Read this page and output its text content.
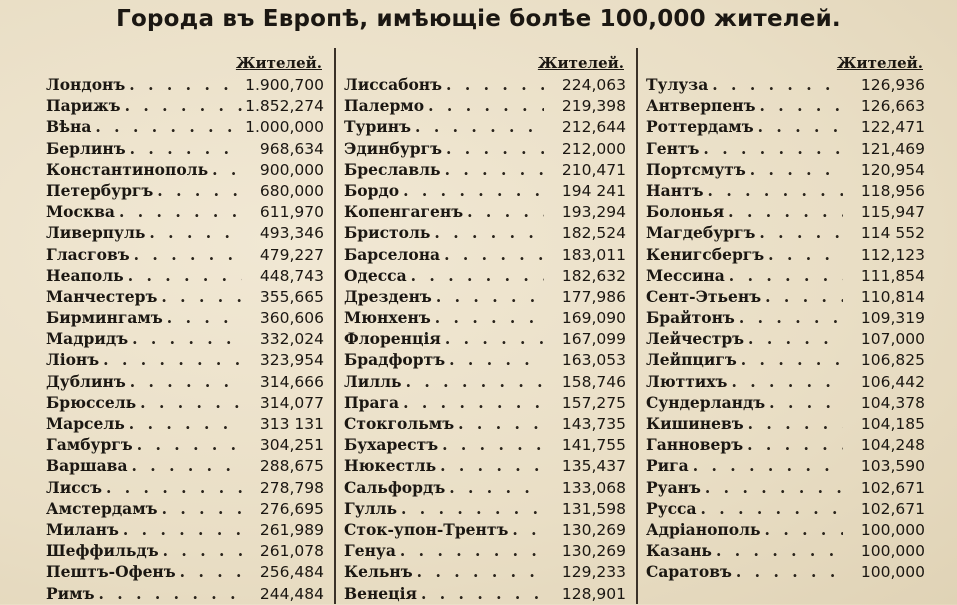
Города въ Европѣ, имѣющіе болѣе 100,000 жителей.
Жителей.
Лондонъ . . .	1.900,700
Парижъ . . .	1.852,274
Вѣна . . .	1.000,000
Берлинъ . . .	968,634
Константинополь . . .	900,000
Петербургъ . . .	680,000
Москва . . .	611,970
Ливерпуль . . .	493,346
Гласговъ . . .	479,227
Неаполь . . .	448,743
Манчестеръ . . .	355,665
Бирмингамъ . . .	360,606
Мадридъ . . .	332,024
Ліонъ . . .	323,954
Дублинъ . . .	314,666
Брюссель . . .	314,077
Марсель . . .	313 131
Гамбургъ . . .	304,251
Варшава . . .	288,675
Лиссъ . . .	278,798
Амстердамъ . . .	276,695
Миланъ . . .	261,989
Шеффильдъ . . .	261,078
Пештъ-Офенъ . . .	256,484
Римъ . . .	244,484
Жителей.
Лиссабонъ . . .	224,063
Палермо . . .	219,398
Туринъ . . .	212,644
Эдинбургъ . . .	212,000
Бреславль . . .	210,471
Бордо . . .	194 241
Копенгагенъ . . .	193,294
Бристоль . . .	182,524
Барселона . . .	183,011
Одесса . . .	182,632
Дрезденъ . . .	177,986
Мюнхенъ . . .	169,090
Флоренція . . .	167,099
Брадфортъ . . .	163,053
Лилль . . .	158,746
Прага . . .	157,275
Стокгольмъ . . .	143,735
Бухарестъ . . .	141,755
Нюкестль . . .	135,437
Сальфордъ . . .	133,068
Гулль . . .	131,598
Сток-упон-Трентъ . . .	130,269
Генуа . . .	130,269
Кельнъ . . .	129,233
Венеція . . .	128,901
Жителей.
Тулуза . . .	126,936
Антверпенъ . . .	126,663
Роттердамъ . . .	122,471
Гентъ . . .	121,469
Портсмутъ . . .	120,954
Нантъ . . .	118,956
Болонья . . .	115,947
Магдебургъ . . .	114 552
Кенигсбергъ . . .	112,123
Мессина . . .	111,854
Сент-Этьенъ . . .	110,814
Брайтонъ . . .	109,319
Лейчестръ . . .	107,000
Лейпцигъ . . .	106,825
Люттихъ . . .	106,442
Сундерландъ . . .	104,378
Кишиневъ . . .	104,185
Ганноверъ . . .	104,248
Рига . . .	103,590
Руанъ . . .	102,671
Русса . . .	102,671
Адріанополь . . .	100,000
Казань . . .	100,000
Саратовъ . . .	100,000
